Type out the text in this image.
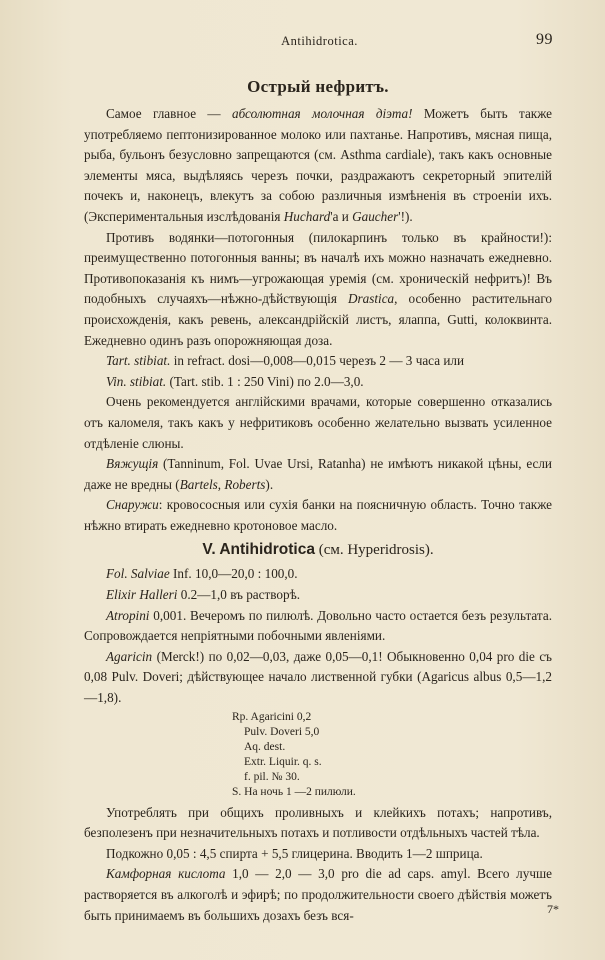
Antihidrotica.	99
Острый нефритъ.

Самое главное — абсолютная молочная діэта! Можетъ быть также употребляемо пептонизированное молоко или пахтанье. Напротивъ, мясная пища, рыба, бульонъ безусловно запрещаются (см. Asthma cardiale), такъ какъ основные элементы мяса, выдѣляясь черезъ почки, раздражаютъ секреторный эпителій почекъ и, наконецъ, влекутъ за собою различныя измѣненія въ строеніи ихъ. (Экспериментальныя изслѣдованія Huchard'а и Gaucher'!).

Противъ водянки—потогонныя (пилокарпинъ только въ крайности!): преимущественно потогонныя ванны; въ началѣ ихъ можно назначать ежедневно. Противопоказанія къ нимъ—угрожающая уремія (см. хроническій нефритъ)! Въ подобныхъ случаяхъ—нѣжно-дѣйствующія Drastica, особенно растительнаго происхожденія, какъ ревень, александрійскій листъ, ялаппа, Gutti, колоквинта. Ежедневно одинъ разъ опорожняющая доза.

Tart. stibiat. in refract. dosi—0,008—0,015 черезъ 2 — 3 часа или

Vin. stibiat. (Tart. stib. 1 : 250 Vini) по 2.0—3,0.

Очень рекомендуется англійскими врачами, которые совершенно отказались отъ каломеля, такъ какъ у нефритиковъ особенно желательно вызвать усиленное отдѣленіе слюны.

Вяжущія (Tanninum, Fol. Uvae Ursi, Ratanha) не имѣютъ никакой цѣны, если даже не вредны (Bartels, Roberts).

Снаружи: кровососныя или сухія банки на поясничную область. Точно также нѣжно втирать ежедневно кротоновое масло.

V. Antihidrotica (см. Hyperidrosis).

Fol. Salviae Inf. 10,0—20,0 : 100,0.

Elixir Halleri 0.2—1,0 въ растворѣ.

Atropini 0,001. Вечеромъ по пилюлѣ. Довольно часто остается безъ результата. Сопровождается непріятными побочными явленіями.

Agaricin (Merck!) по 0,02—0,03, даже 0,05—0,1! Обыкновенно 0,04 pro die съ 0,08 Pulv. Doveri; дѣйствующее начало лиственной губки (Agaricus albus 0,5—1,2—1,8).

Rp. Agaricini 0,2
Pulv. Doveri 5,0
Aq. dest.
Extr. Liquir. q. s.
f. pil. № 30.
S. На ночь 1 —2 пилюли.

Употреблять при общихъ проливныхъ и клейкихъ потахъ; напротивъ, безполезенъ при незначительныхъ потахъ и потливости отдѣльныхъ частей тѣла.

Подкожно 0,05 : 4,5 спирта + 5,5 глицерина. Вводить 1—2 шприца.

Камфорная кислота 1,0 — 2,0 — 3,0 pro die ad caps. amyl. Всего лучше растворяется въ алкоголѣ и эфирѣ; по продолжительности своего дѣйствія можетъ быть принимаемъ въ большихъ дозахъ безъ вся-	7*
